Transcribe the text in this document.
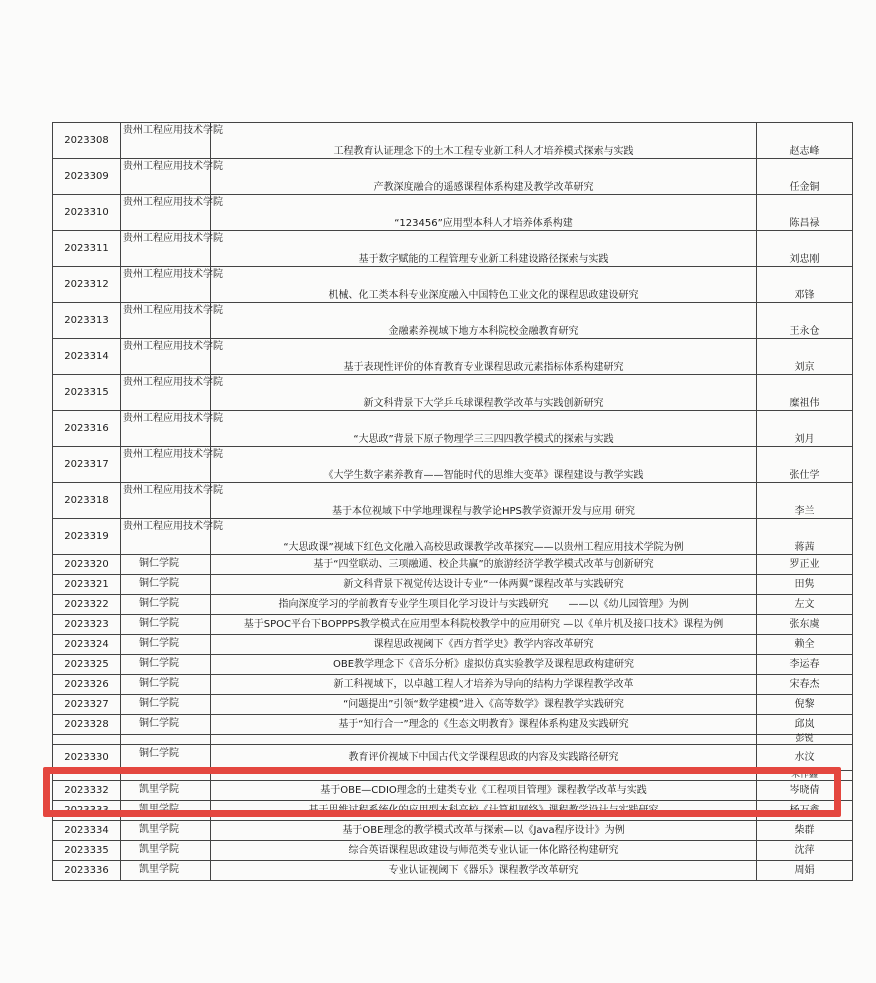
2023308	贵州工程应用技术学院	工程教育认证理念下的土木工程专业新工科人才培养模式探索与实践	赵志峰
2023309	贵州工程应用技术学院	产教深度融合的遥感课程体系构建及教学改革研究	任金铜
2023310	贵州工程应用技术学院	“123456”应用型本科人才培养体系构建	陈昌禄
2023311	贵州工程应用技术学院	基于数字赋能的工程管理专业新工科建设路径探索与实践	刘忠刚
2023312	贵州工程应用技术学院	机械、化工类本科专业深度融入中国特色工业文化的课程思政建设研究	邓锋
2023313	贵州工程应用技术学院	金融素养视域下地方本科院校金融教育研究	王永仓
2023314	贵州工程应用技术学院	基于表现性评价的体育教育专业课程思政元素指标体系构建研究	刘京
2023315	贵州工程应用技术学院	新文科背景下大学乒乓球课程教学改革与实践创新研究	糜祖伟
2023316	贵州工程应用技术学院	“大思政”背景下原子物理学三三四四教学模式的探索与实践	刘月
2023317	贵州工程应用技术学院	《大学生数字素养教育——智能时代的思维大变革》课程建设与教学实践	张仕学
2023318	贵州工程应用技术学院	基于本位视域下中学地理课程与教学论HPS教学资源开发与应用 研究	李兰
2023319	贵州工程应用技术学院	“大思政课”视域下红色文化融入高校思政课教学改革探究——以贵州工程应用技术学院为例	蒋茜
2023320	铜仁学院	基于“四堂联动、三项融通、校企共赢”的旅游经济学教学模式改革与创新研究	罗正业
2023321	铜仁学院	新文科背景下视觉传达设计专业“一体两翼”课程改革与实践研究	田隽
2023322	铜仁学院	指向深度学习的学前教育专业学生项目化学习设计与实践研究　　——以《幼儿园管理》为例	左文
2023323	铜仁学院	基于SPOC平台下BOPPPS教学模式在应用型本科院校教学中的应用研究 —以《单片机及接口技术》课程为例	张东虞
2023324	铜仁学院	课程思政视阈下《西方哲学史》教学内容改革研究	赖全
2023325	铜仁学院	OBE教学理念下《音乐分析》虚拟仿真实验教学及课程思政构建研究	李运春
2023326	铜仁学院	新工科视域下，以卓越工程人才培养为导向的结构力学课程教学改革	宋春杰
2023327	铜仁学院	“问题提出”引领“数学建模”进入《高等数学》课程教学实践研究	倪黎
2023328	铜仁学院	基于“知行合一”理念的《生态文明教育》课程体系构建及实践研究	邱岚
			彭锐
2023330	铜仁学院	教育评价视域下中国古代文学课程思政的内容及实践路径研究	水汶
			米作鑫
2023332	凯里学院	基于OBE—CDIO理念的土建类专业《工程项目管理》课程教学改革与实践	岑晓倩
2023333	凯里学院	基于思维过程系统化的应用型本科高校《计算机网络》课程教学设计与实践研究	杨万鑫
2023334	凯里学院	基于OBE理念的教学模式改革与探索—以《Java程序设计》为例	柴群
2023335	凯里学院	综合英语课程思政建设与师范类专业认证一体化路径构建研究	沈萍
2023336	凯里学院	专业认证视阈下《器乐》课程教学改革研究	周娟
